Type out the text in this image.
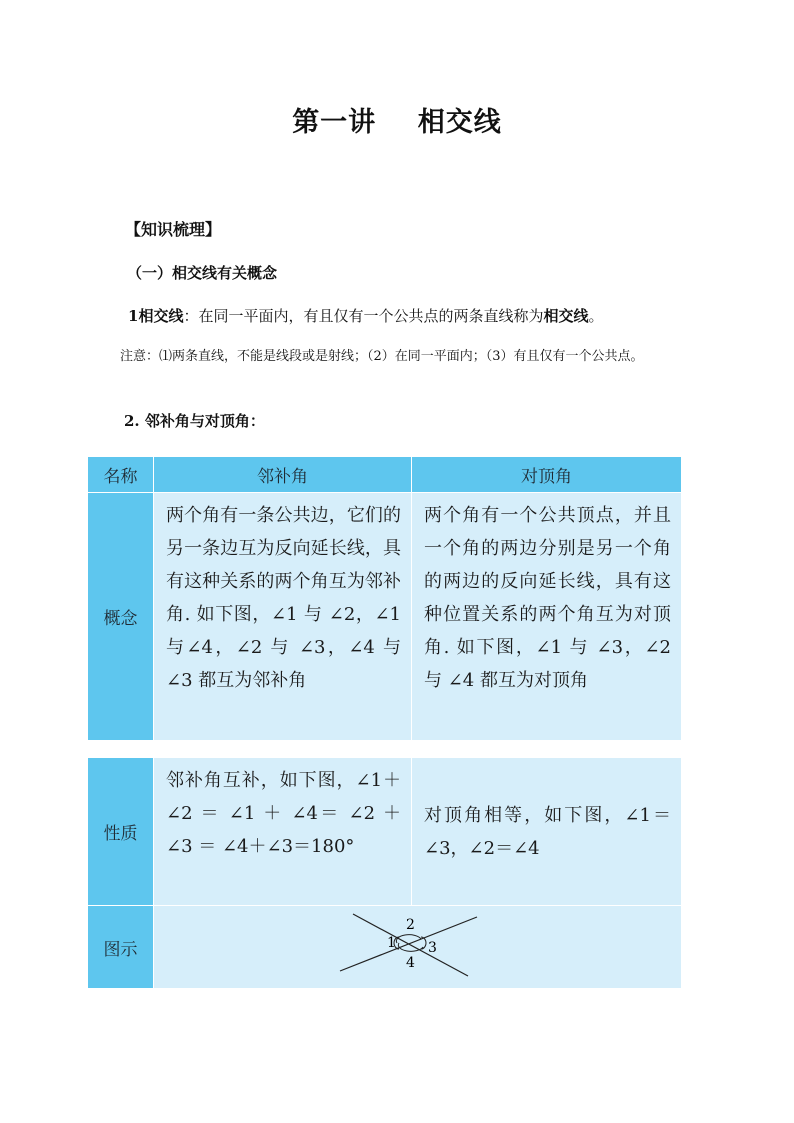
第一讲    相交线
【知识梳理】
（一）相交线有关概念
1相交线：在同一平面内，有且仅有一个公共点的两条直线称为相交线。
注意：⑴两条直线，不能是线段或是射线；（2）在同一平面内；（3）有且仅有一个公共点。
2. 邻补角与对顶角：
名称	邻补角	对顶角
概念	两个角有一条公共边，它们的另一条边互为反向延长线，具有这种关系的两个角互为邻补角. 如下图，∠1 与 ∠2，∠1 与∠4，∠2 与 ∠3，∠4 与∠3 都互为邻补角	两个角有一个公共顶点，并且一个角的两边分别是另一个角的两边的反向延长线，具有这种位置关系的两个角互为对顶角. 如下图，∠1 与 ∠3，∠2 与 ∠4 都互为对顶角
性质	邻补角互补，如下图，∠1＋ ∠2 ＝ ∠1 ＋ ∠4＝ ∠2 ＋ ∠3 ＝ ∠4＋∠3＝180°	对顶角相等，如下图，∠1＝∠3，∠2＝∠4
图示	1
2
3
4	
